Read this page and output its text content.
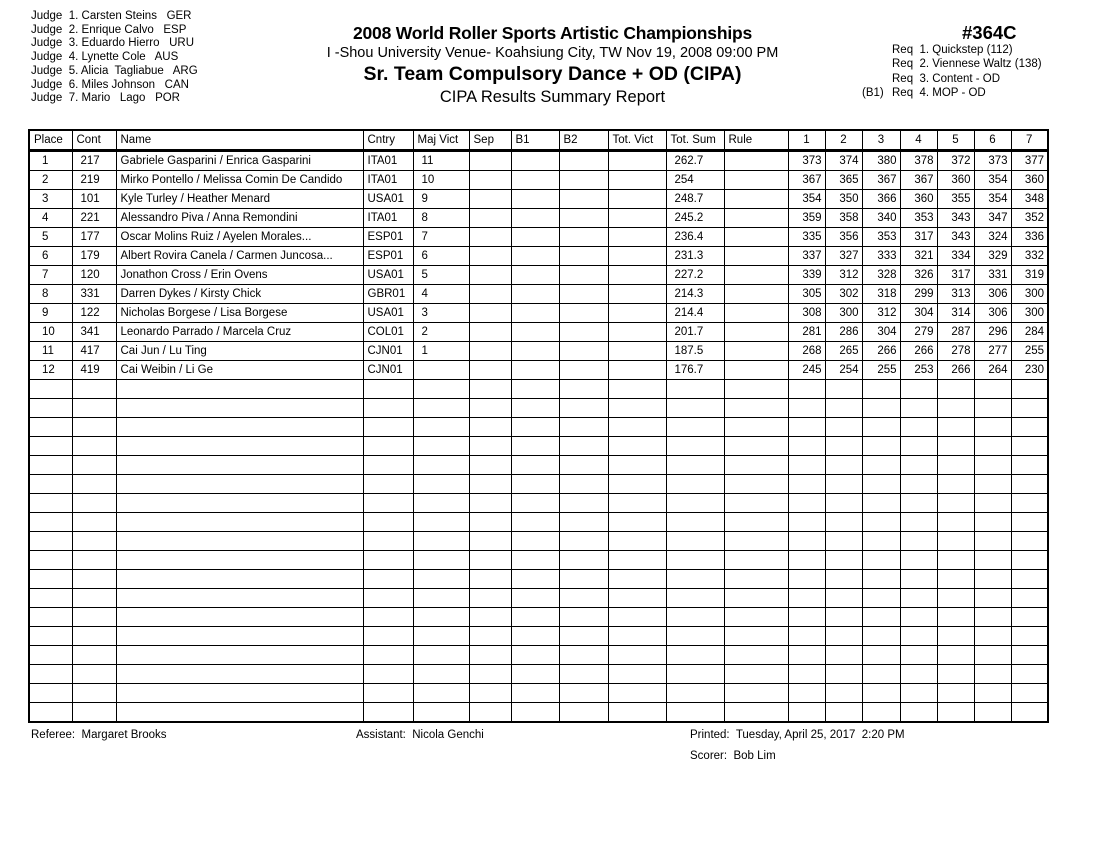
Judge  1. Carsten Steins GER
Judge  2. Enrique Calvo ESP
Judge  3. Eduardo Hierro URU
Judge  4. Lynette Cole AUS
Judge  5. Alicia  Tagliabue ARG
Judge  6. Miles Johnson CAN
Judge  7. Mario   Lago POR
2008 World Roller Sports Artistic Championships
I -Shou University Venue- Koahsiung City, TW Nov 19, 2008 09:00 PM
Sr. Team Compulsory Dance + OD (CIPA)
CIPA Results Summary Report
#364C
Req  1. Quickstep (112)
Req  2. Viennese Waltz (138)
Req  3. Content - OD
(B1) Req  4. MOP - OD
Place	Cont	Name	Cntry	Maj Vict	Sep	B1	B2	Tot. Vict	Tot. Sum	Rule	1	2	3	4	5	6	7
1	217	Gabriele Gasparini / Enrica Gasparini	ITA01	11					262.7		373	374	380	378	372	373	377
2	219	Mirko Pontello / Melissa Comin De Candido	ITA01	10					254		367	365	367	367	360	354	360
3	101	Kyle Turley / Heather Menard	USA01	9					248.7		354	350	366	360	355	354	348
4	221	Alessandro Piva / Anna Remondini	ITA01	8					245.2		359	358	340	353	343	347	352
5	177	Oscar Molins Ruiz / Ayelen Morales...	ESP01	7					236.4		335	356	353	317	343	324	336
6	179	Albert Rovira Canela / Carmen Juncosa...	ESP01	6					231.3		337	327	333	321	334	329	332
7	120	Jonathon Cross / Erin Ovens	USA01	5					227.2		339	312	328	326	317	331	319
8	331	Darren Dykes / Kirsty Chick	GBR01	4					214.3		305	302	318	299	313	306	300
9	122	Nicholas Borgese / Lisa Borgese	USA01	3					214.4		308	300	312	304	314	306	300
10	341	Leonardo Parrado / Marcela Cruz	COL01	2					201.7		281	286	304	279	287	296	284
11	417	Cai Jun / Lu Ting	CJN01	1					187.5		268	265	266	266	278	277	255
12	419	Cai Weibin / Li Ge	CJN01						176.7		245	254	255	253	266	264	230

Referee:  Margaret Brooks	Assistant:  Nicola Genchi	Printed:  Tuesday, April 25, 2017  2:20 PM
Scorer:  Bob Lim
